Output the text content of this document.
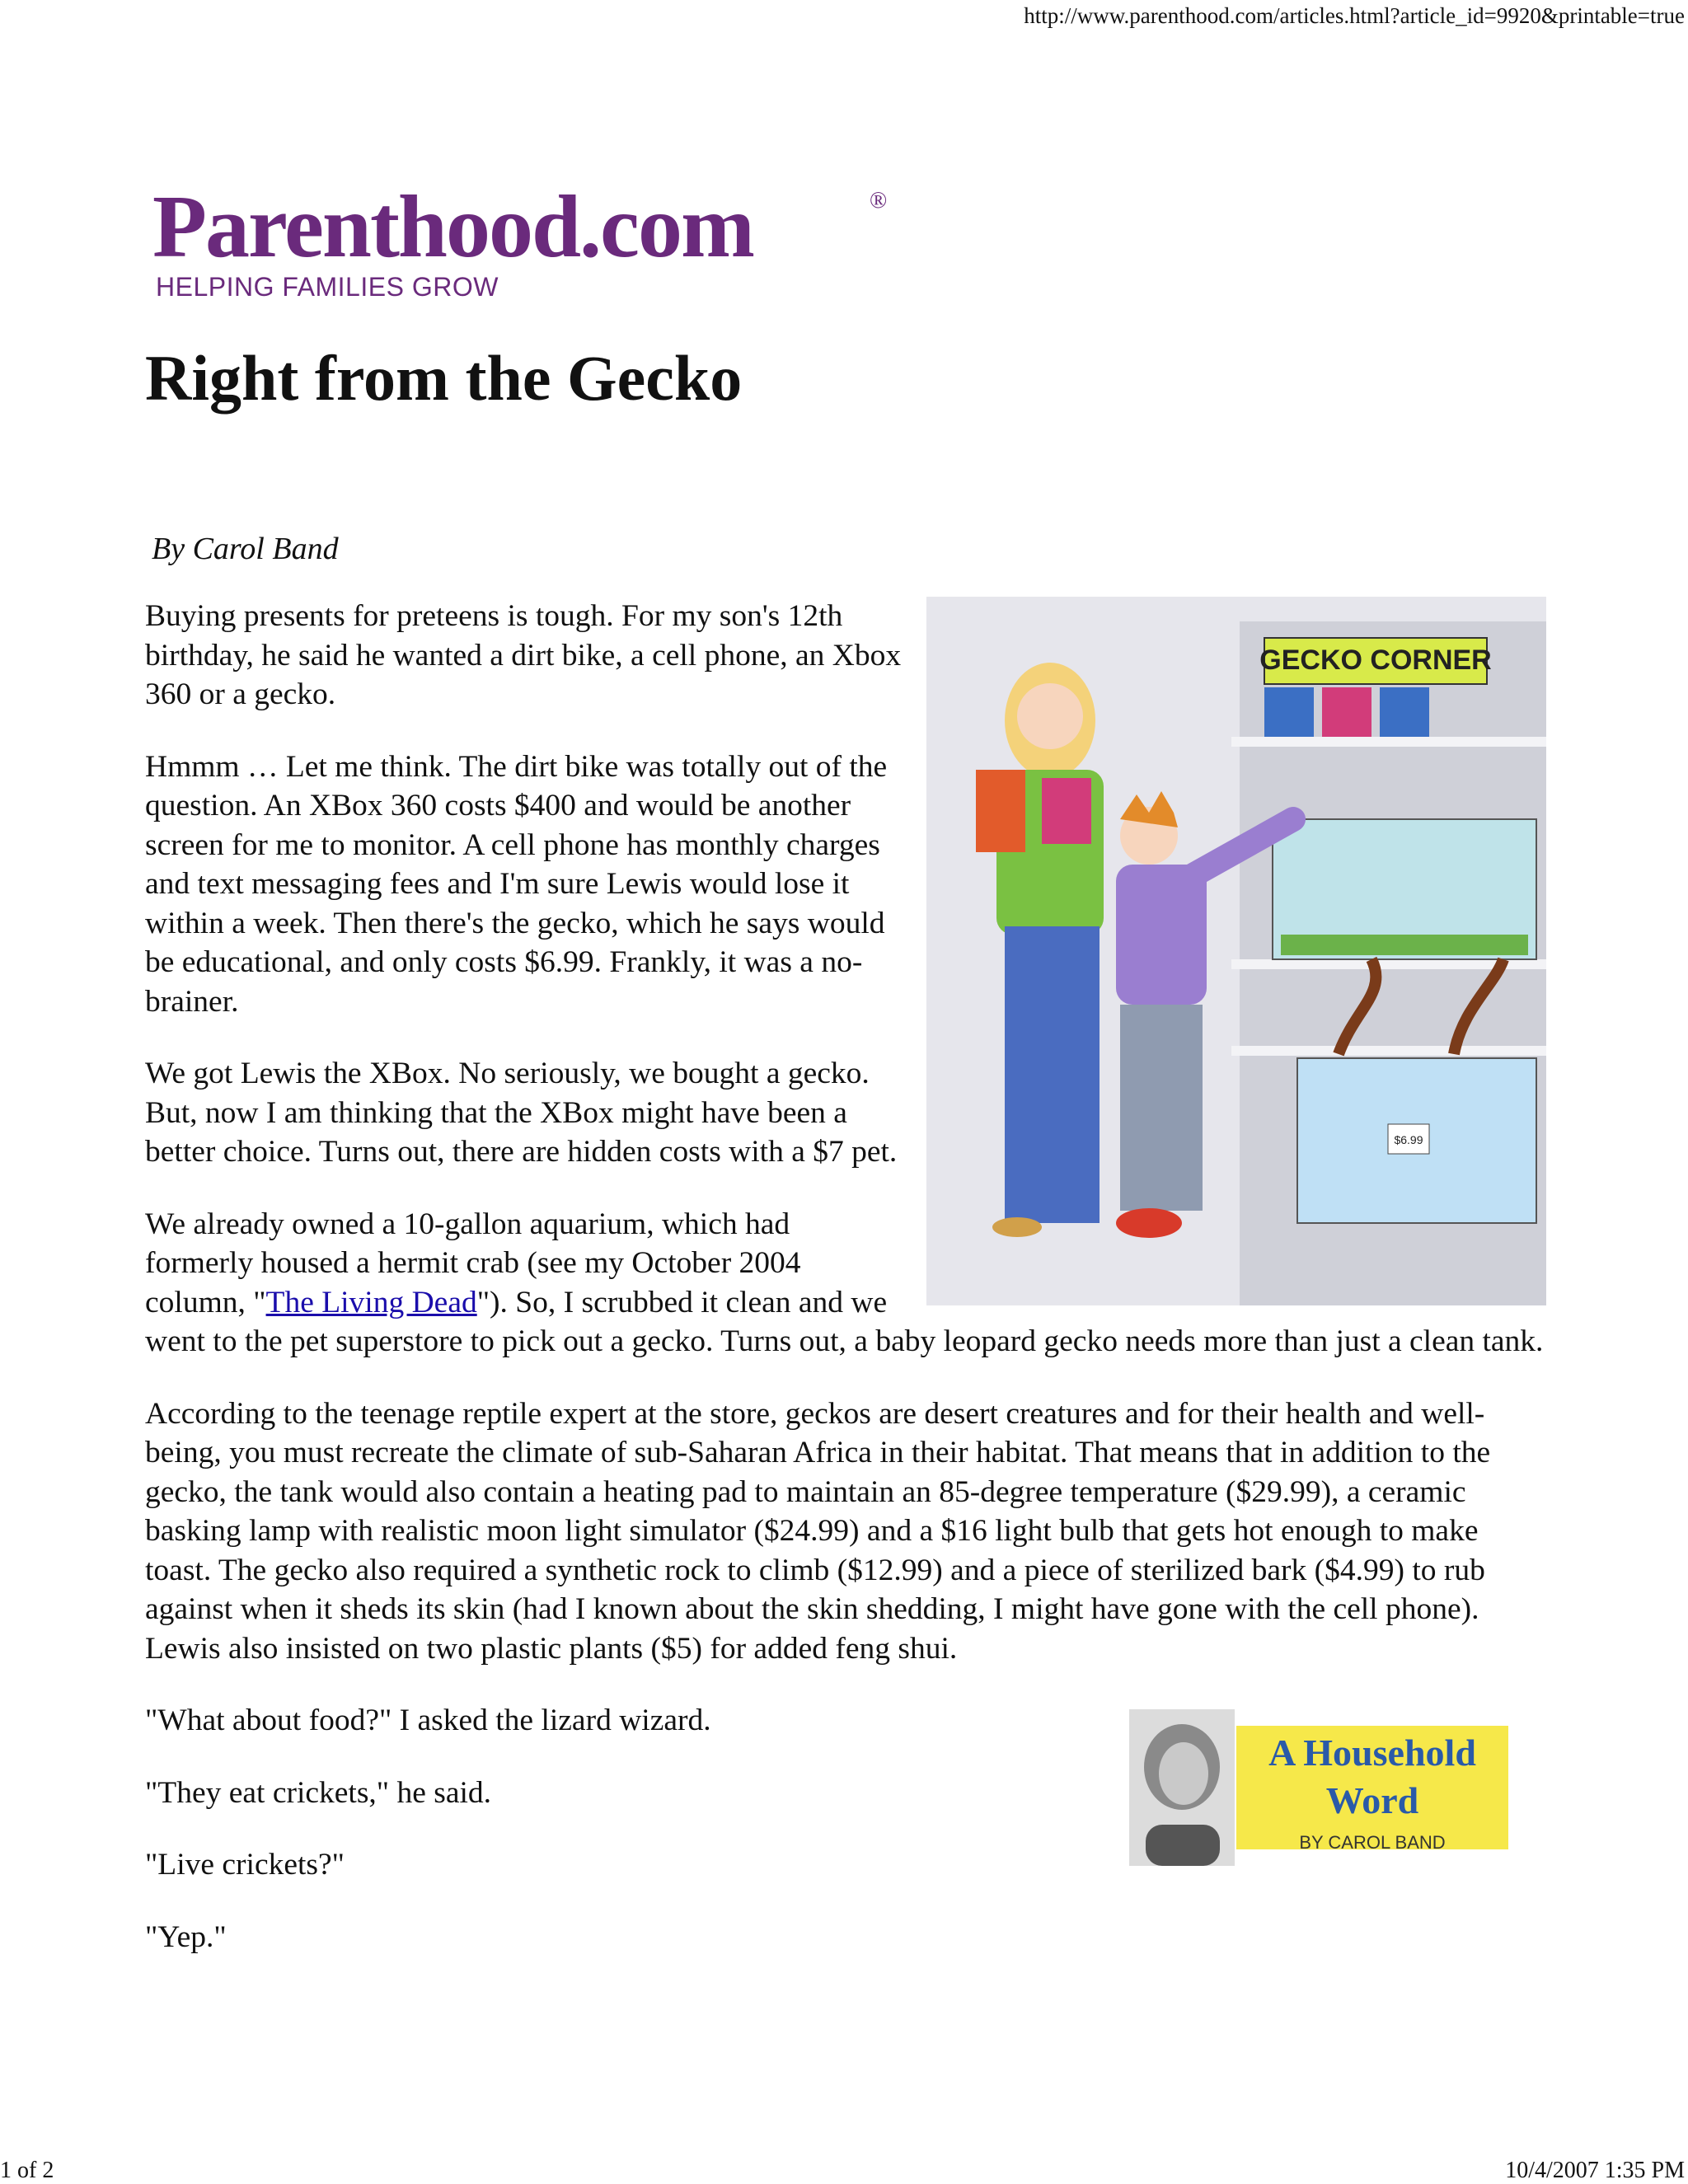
http://www.parenthood.com/articles.html?article_id=9920&printable=true
Parenthood.com	®
HELPING FAMILIES GROW
Right from the Gecko
By Carol Band
GECKO CORNER
$6.99

Buying presents for preteens is tough. For my son's 12th birthday, he said he wanted a dirt bike, a cell phone, an Xbox 360 or a gecko.

Hmmm … Let me think. The dirt bike was totally out of the question. An XBox 360 costs $400 and would be another screen for me to monitor. A cell phone has monthly charges and text messaging fees and I'm sure Lewis would lose it within a week. Then there's the gecko, which he says would be educational, and only costs $6.99. Frankly, it was a no-brainer.

We got Lewis the XBox. No seriously, we bought a gecko. But, now I am thinking that the XBox might have been a better choice. Turns out, there are hidden costs with a $7 pet.

We already owned a 10-gallon aquarium, which had formerly housed a hermit crab (see my October 2004 column, "The Living Dead"). So, I scrubbed it clean and we went to the pet superstore to pick out a gecko. Turns out, a baby leopard gecko needs more than just a clean tank.

According to the teenage reptile expert at the store, geckos are desert creatures and for their health and well-being, you must recreate the climate of sub-Saharan Africa in their habitat. That means that in addition to the gecko, the tank would also contain a heating pad to maintain an 85-degree temperature ($29.99), a ceramic basking lamp with realistic moon light simulator ($24.99) and a $16 light bulb that gets hot enough to make toast. The gecko also required a synthetic rock to climb ($12.99) and a piece of sterilized bark ($4.99) to rub against when it sheds its skin (had I known about the skin shedding, I might have gone with the cell phone). Lewis also insisted on two plastic plants ($5) for added feng shui.

A Household
Word
BY CAROL BAND

"What about food?" I asked the lizard wizard.

"They eat crickets," he said.

"Live crickets?"

"Yep."

1 of 2	10/4/2007 1:35 PM
